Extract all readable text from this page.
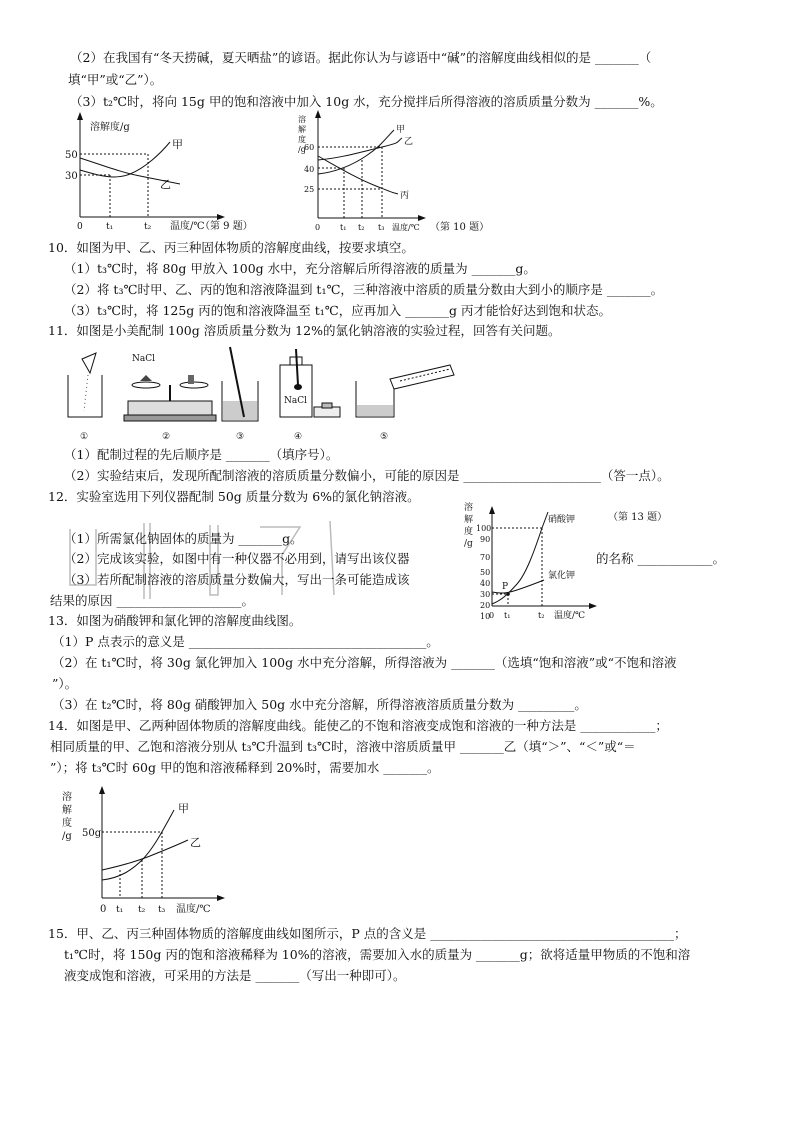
（2）在我国有“冬天捞碱，夏天晒盐”的谚语。据此你认为与谚语中“碱”的溶解度曲线相似的是 _______（
填“甲”或“乙”）。
（3）t₂℃时，将向 15g 甲的饱和溶液中加入 10g 水，充分搅拌后所得溶液的溶质质量分数为 _______%。
溶解度/g
50
30
甲
乙
0	t₁	t₂ 温度/℃
（第 9 题）
溶
解
度
/g
60
40
25
甲
乙
丙
0 t₁ t₂ t₃ 温度/℃ （第 10 题）
10．如图为甲、乙、丙三种固体物质的溶解度曲线，按要求填空。
（1）t₃℃时，将 80g 甲放入 100g 水中，充分溶解后所得溶液的质量为 _______g。
（2）将 t₃℃时甲、乙、丙的饱和溶液降温到 t₁℃，三种溶液中溶质的质量分数由大到小的顺序是 _______。
（3）t₃℃时，将 125g 丙的饱和溶液降温至 t₁℃，应再加入 _______g 丙才能恰好达到饱和状态。
11．如图是小美配制 100g 溶质质量分数为 12%的氯化钠溶液的实验过程，回答有关问题。
NaCl
NaCl
①	②	③	④	⑤
（1）配制过程的先后顺序是 _______（填序号）。
（2）实验结束后，发现所配制溶液的溶质质量分数偏小，可能的原因是 ______________________（答一点）。
12．实验室选用下列仪器配制 50g 质量分数为 6%的氯化钠溶液。
（1）所需氯化钠固体的质量为 _______g。
（2）完成该实验，如图中有一种仪器不必用到，请写出该仪器	的名称 ____________。
（3）若所配制溶液的溶质质量分数偏大，写出一条可能造成该
结果的原因 ____________________。
溶
解
度
/g
100
90
70
50
40
30
20
10
P
硝酸钾
氯化钾
0 t₁	t₂ 温度/℃
（第 13 题）
13．如图为硝酸钾和氯化钾的溶解度曲线图。
（1）P 点表示的意义是 ______________________________________。
（2）在 t₁℃时，将 30g 氯化钾加入 100g 水中充分溶解，所得溶液为 _______（选填“饱和溶液”或“不饱和溶液
”）。
（3）在 t₂℃时，将 80g 硝酸钾加入 50g 水中充分溶解，所得溶液溶质质量分数为 _________。
14．如图是甲、乙两种固体物质的溶解度曲线。能使乙的不饱和溶液变成饱和溶液的一种方法是 ____________；
相同质量的甲、乙饱和溶液分别从 t₃℃升温到 t₃℃时，溶液中溶质质量甲 _______乙（填“＞”、“＜”或“＝
”）；将 t₃℃时 60g 甲的饱和溶液稀释到 20%时，需要加水 _______。
溶
解
度
/g 50g
甲
乙
0 t₁ t₂ t₃ 温度/℃
15．甲、乙、丙三种固体物质的溶解度曲线如图所示，P 点的含义是 _______________________________________；
t₁℃时，将 150g 丙的饱和溶液稀释为 10%的溶液，需要加入水的质量为 _______g；欲将适量甲物质的不饱和溶
液变成饱和溶液，可采用的方法是 _______（写出一种即可）。
